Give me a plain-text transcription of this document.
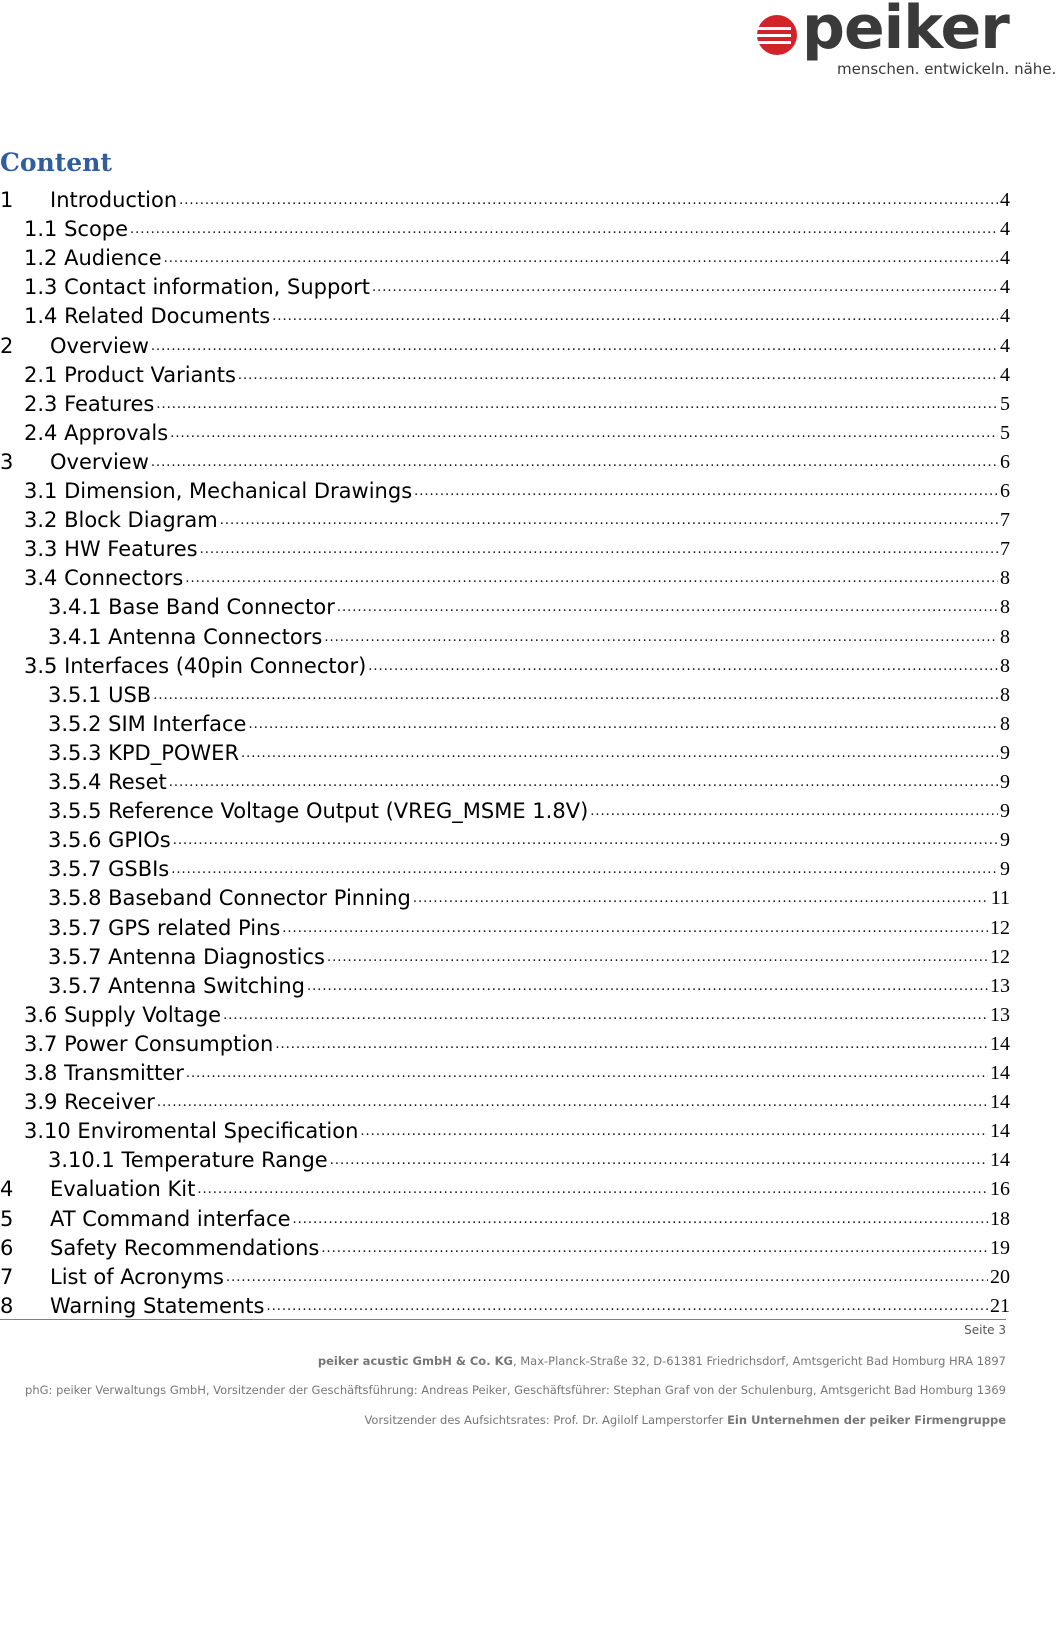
peiker
menschen. entwickeln. nähe.
Content
1	Introduction .....	4
1.1 Scope .....	4
1.2 Audience .....	4
1.3 Contact information, Support .....	4
1.4 Related Documents .....	4
2	Overview .....	4
2.1 Product Variants .....	4
2.3 Features .....	5
2.4 Approvals .....	5
3	Overview .....	6
3.1 Dimension, Mechanical Drawings .....	6
3.2 Block Diagram .....	7
3.3 HW Features .....	7
3.4 Connectors .....	8
3.4.1 Base Band Connector .....	8
3.4.1 Antenna Connectors .....	8
3.5 Interfaces (40pin Connector) .....	8
3.5.1 USB .....	8
3.5.2 SIM Interface .....	8
3.5.3 KPD_POWER .....	9
3.5.4 Reset .....	9
3.5.5 Reference Voltage Output (VREG_MSME 1.8V) .....	9
3.5.6 GPIOs .....	9
3.5.7 GSBIs .....	9
3.5.8 Baseband Connector Pinning .....	11
3.5.7 GPS related Pins .....	12
3.5.7 Antenna Diagnostics .....	12
3.5.7 Antenna Switching .....	13
3.6 Supply Voltage .....	13
3.7 Power Consumption .....	14
3.8 Transmitter .....	14
3.9 Receiver .....	14
3.10 Enviromental Specification .....	14
3.10.1 Temperature Range .....	14
4	Evaluation Kit .....	16
5	AT Command interface .....	18
6	Safety Recommendations .....	19
7	List of Acronyms .....	20
8	Warning Statements .....	21
Seite 3
peiker acustic GmbH & Co. KG, Max-Planck-Straße 32, D-61381 Friedrichsdorf, Amtsgericht Bad Homburg HRA 1897
phG: peiker Verwaltungs GmbH, Vorsitzender der Geschäftsführung: Andreas Peiker, Geschäftsführer: Stephan Graf von der Schulenburg, Amtsgericht Bad Homburg 1369
Vorsitzender des Aufsichtsrates: Prof. Dr. Agilolf Lamperstorfer Ein Unternehmen der peiker Firmengruppe
